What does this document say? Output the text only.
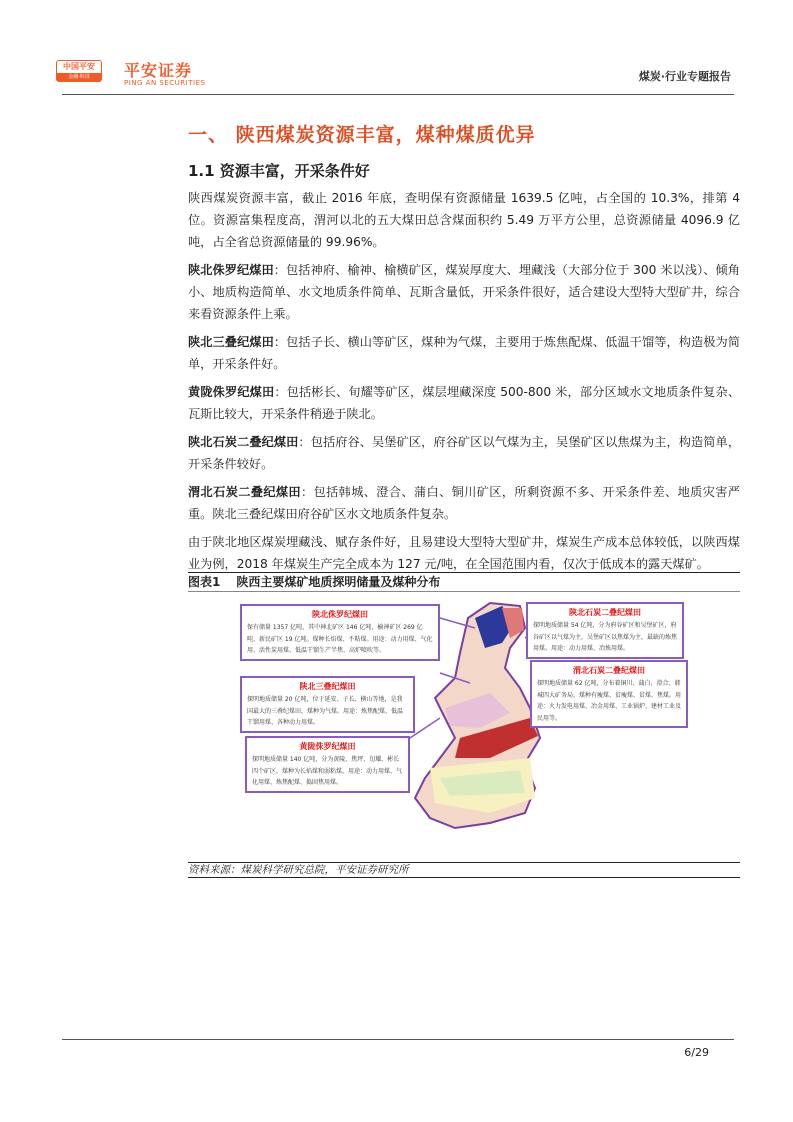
中国平安
金融·科技	平安证券
PING AN SECURITIES	煤炭·行业专题报告
一、 陕西煤炭资源丰富，煤种煤质优异
1.1 资源丰富，开采条件好

陕西煤炭资源丰富，截止 2016 年底，查明保有资源储量 1639.5 亿吨，占全国的 10.3%，排第 4 位。资源富集程度高，渭河以北的五大煤田总含煤面积约 5.49 万平方公里，总资源储量 4096.9 亿吨，占全省总资源储量的 99.96%。

陕北侏罗纪煤田：包括神府、榆神、榆横矿区，煤炭厚度大、埋藏浅（大部分位于 300 米以浅）、倾角小、地质构造简单、水文地质条件简单、瓦斯含量低，开采条件很好，适合建设大型特大型矿井，综合来看资源条件上乘。

陕北三叠纪煤田：包括子长、横山等矿区，煤种为气煤，主要用于炼焦配煤、低温干馏等，构造极为简单，开采条件好。

黄陇侏罗纪煤田：包括彬长、旬耀等矿区，煤层埋藏深度 500-800 米，部分区域水文地质条件复杂、瓦斯比较大，开采条件稍逊于陕北。

陕北石炭二叠纪煤田：包括府谷、吴堡矿区，府谷矿区以气煤为主，吴堡矿区以焦煤为主，构造简单，开采条件较好。

渭北石炭二叠纪煤田：包括韩城、澄合、蒲白、铜川矿区，所剩资源不多、开采条件差、地质灾害严重。陕北三叠纪煤田府谷矿区水文地质条件复杂。

由于陕北地区煤炭埋藏浅、赋存条件好，且易建设大型特大型矿井，煤炭生产成本总体较低，以陕西煤业为例，2018 年煤炭生产完全成本为 127 元/吨，在全国范围内看，仅次于低成本的露天煤矿。

图表1 陕西主要煤矿地质探明储量及煤种分布
陕北侏罗纪煤田
保有储量 1357 亿吨，其中神北矿区 146 亿吨，榆神矿区 269 亿吨、新民矿区 19 亿吨。煤种长焰煤、不粘煤。用途：动力用煤、气化用、活性炭用煤、低温干馏生产半焦、高炉喷吹等。
陕北石炭二叠纪煤田
探明地质储量 54 亿吨，分为府谷矿区和吴堡矿区，府谷矿区以气煤为主，吴堡矿区以焦煤为主，最缺的炼焦用煤。用途：动力用煤、冶炼用煤。
陕北三叠纪煤田
探明地质储量 20 亿吨，位于延安、子长、横山等地，是我国最大的三叠纪煤田，煤种为气煤。用途：炼焦配煤、低温干馏用煤、各种动力用煤。
渭北石炭二叠纪煤田
探明地质储量 62 亿吨，分布着铜川、蒲白、澄合、韩城四大矿务局。煤种有瘦煤、贫瘦煤、贫煤、焦煤。用途：火力发电用煤、冶金用煤、工业锅炉、建材工业及民用等。
黄陇侏罗纪煤田
探明地质储量 140 亿吨，分为黄陵、焦坪、旬耀、彬长四个矿区。煤种为长焰煤和弱粘煤。用途：动力用煤、气化用煤、炼焦配煤、捣固焦用煤。
资料来源：煤炭科学研究总院，平安证券研究所
6/29
